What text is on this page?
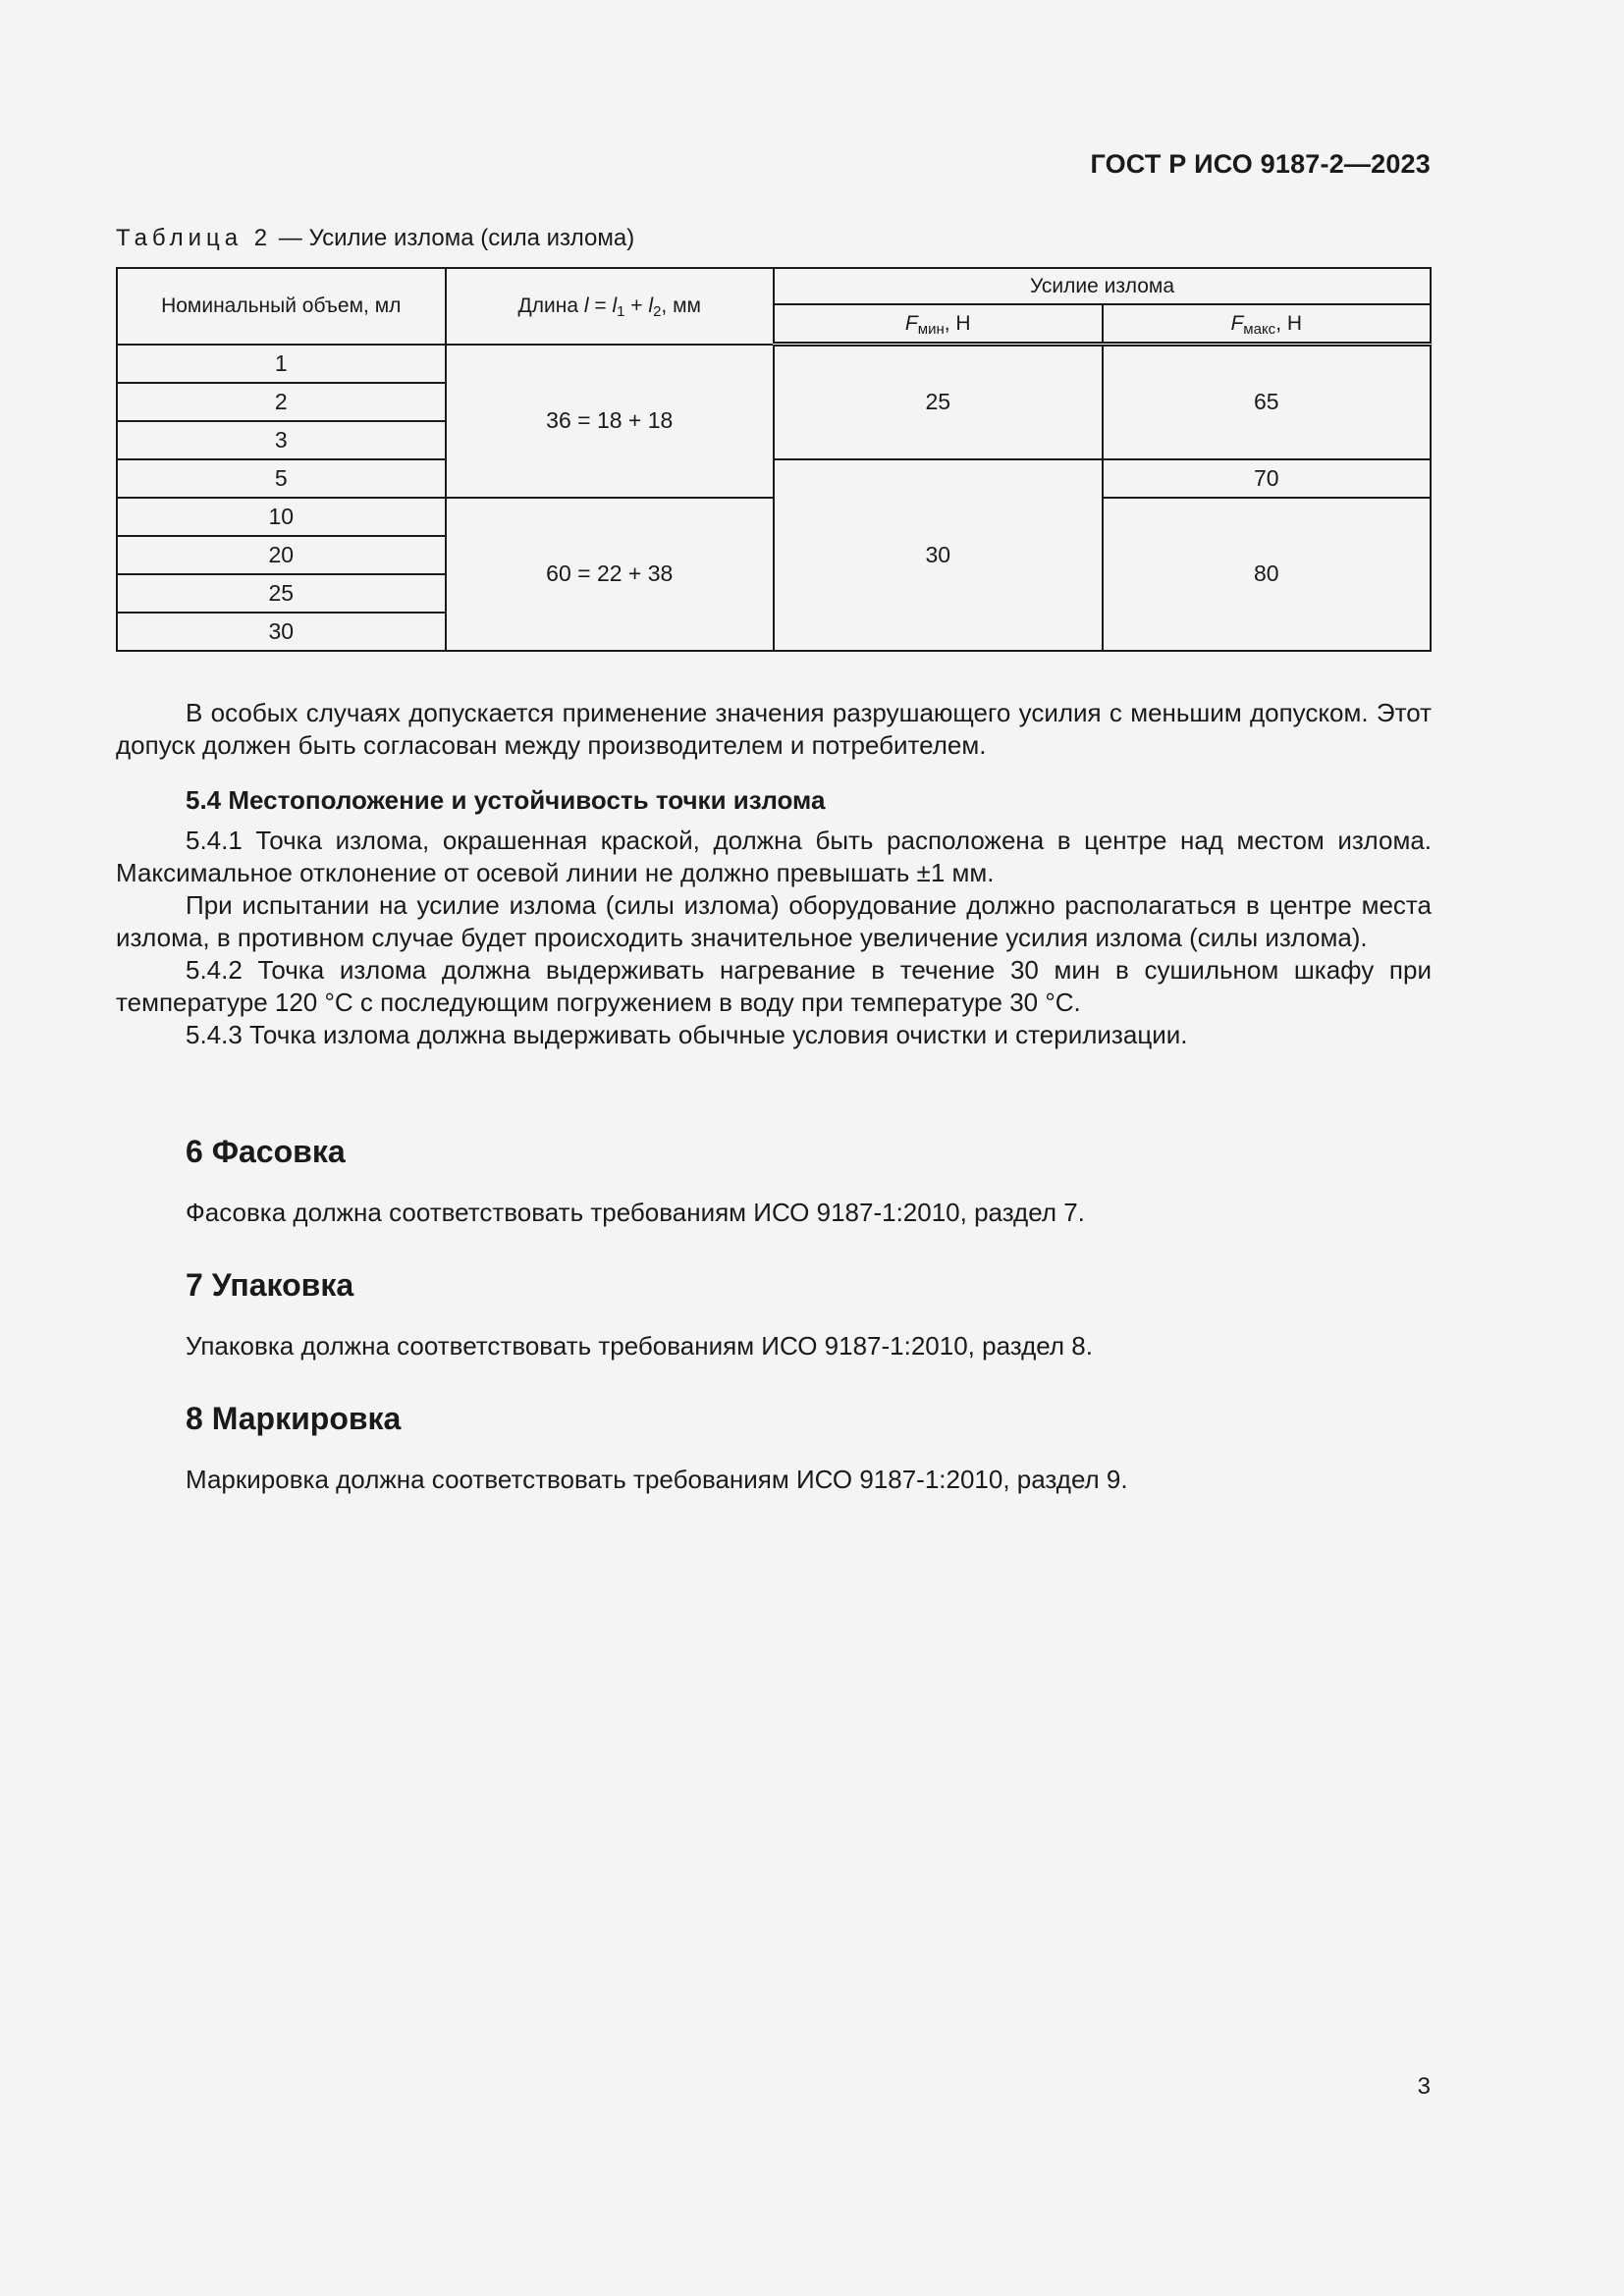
ГОСТ Р ИСО 9187-2—2023
Таблица 2 — Усилие излома (сила излома)
Номинальный объем, мл	Длина $l = l_1 + l_2$, мм	Усилие излома	
		$F_{мин}$, Н	$F_{макс}$, Н
1	36 = 18 + 18	25	65
2			
3			
5		30	70
10	60 = 22 + 38		80
20			
25			
30			

В особых случаях допускается применение значения разрушающего усилия с меньшим допуском. Этот допуск должен быть согласован между производителем и потребителем.

5.4 Местоположение и устойчивость точки излома

5.4.1 Точка излома, окрашенная краской, должна быть расположена в центре над местом излома. Максимальное отклонение от осевой линии не должно превышать ±1 мм.

При испытании на усилие излома (силы излома) оборудование должно располагаться в центре места излома, в противном случае будет происходить значительное увеличение усилия излома (силы излома).

5.4.2 Точка излома должна выдерживать нагревание в течение 30 мин в сушильном шкафу при температуре 120 °С с последующим погружением в воду при температуре 30 °С.

5.4.3 Точка излома должна выдерживать обычные условия очистки и стерилизации.

6 Фасовка
Фасовка должна соответствовать требованиям ИСО 9187-1:2010, раздел 7.
7 Упаковка
Упаковка должна соответствовать требованиям ИСО 9187-1:2010, раздел 8.
8 Маркировка
Маркировка должна соответствовать требованиям ИСО 9187-1:2010, раздел 9.
3
